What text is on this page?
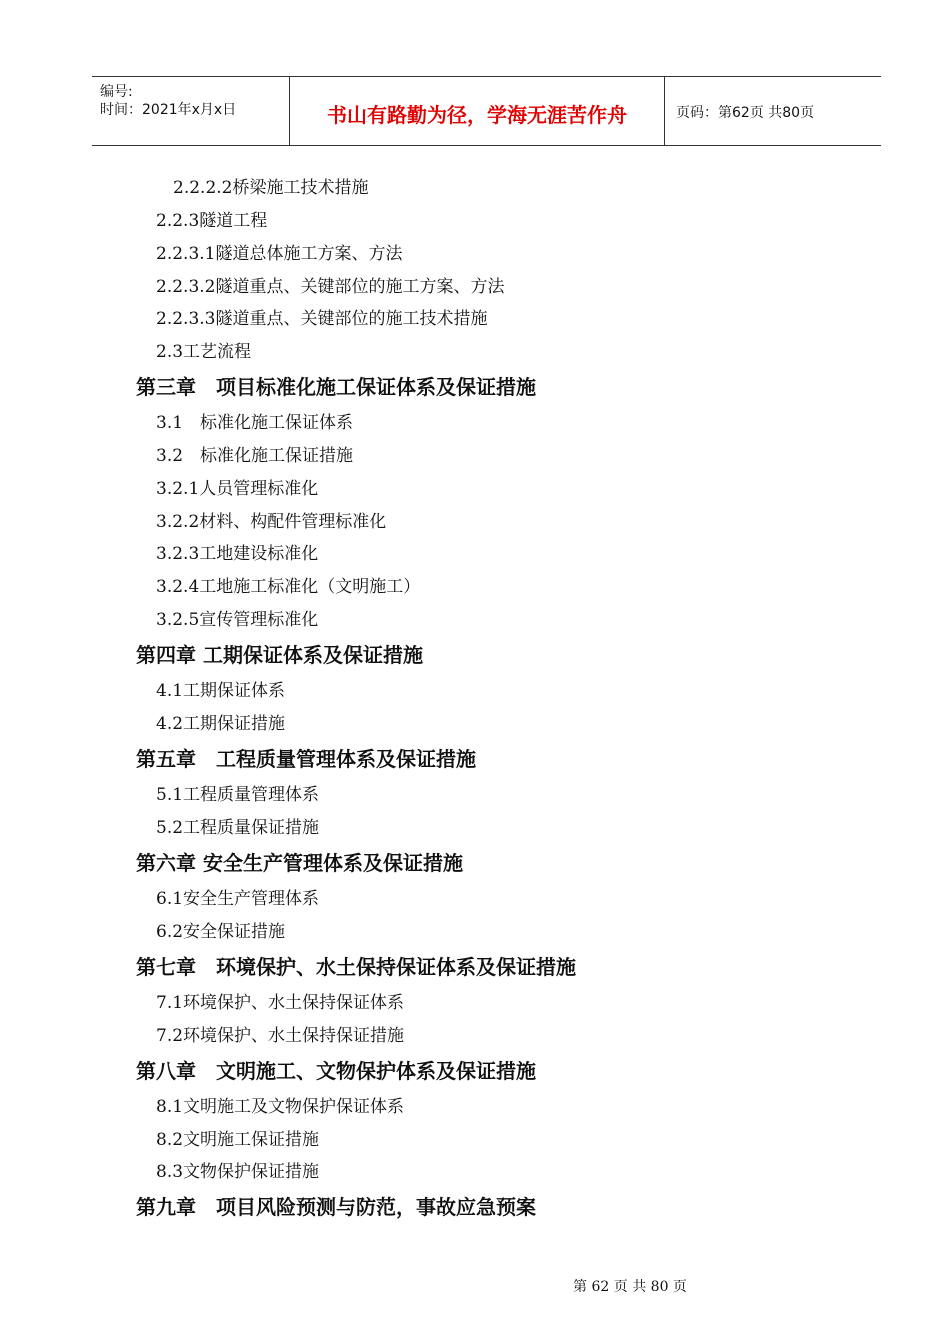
编号:
时间：2021年x月x日	书山有路勤为径，学海无涯苦作舟	页码：第62页 共80页
2.2.2.2桥梁施工技术措施
2.2.3隧道工程
2.2.3.1隧道总体施工方案、方法
2.2.3.2隧道重点、关键部位的施工方案、方法
2.2.3.3隧道重点、关键部位的施工技术措施
2.3工艺流程
第三章　项目标准化施工保证体系及保证措施
3.1　标准化施工保证体系
3.2　标准化施工保证措施
3.2.1人员管理标准化
3.2.2材料、构配件管理标准化
3.2.3工地建设标准化
3.2.4工地施工标准化（文明施工）
3.2.5宣传管理标准化
第四章 工期保证体系及保证措施
4.1工期保证体系
4.2工期保证措施
第五章　工程质量管理体系及保证措施
5.1工程质量管理体系
5.2工程质量保证措施
第六章 安全生产管理体系及保证措施
6.1安全生产管理体系
6.2安全保证措施
第七章　环境保护、水土保持保证体系及保证措施
7.1环境保护、水土保持保证体系
7.2环境保护、水土保持保证措施
第八章　文明施工、文物保护体系及保证措施
8.1文明施工及文物保护保证体系
8.2文明施工保证措施
8.3文物保护保证措施
第九章　项目风险预测与防范，事故应急预案
第 62 页 共 80 页
